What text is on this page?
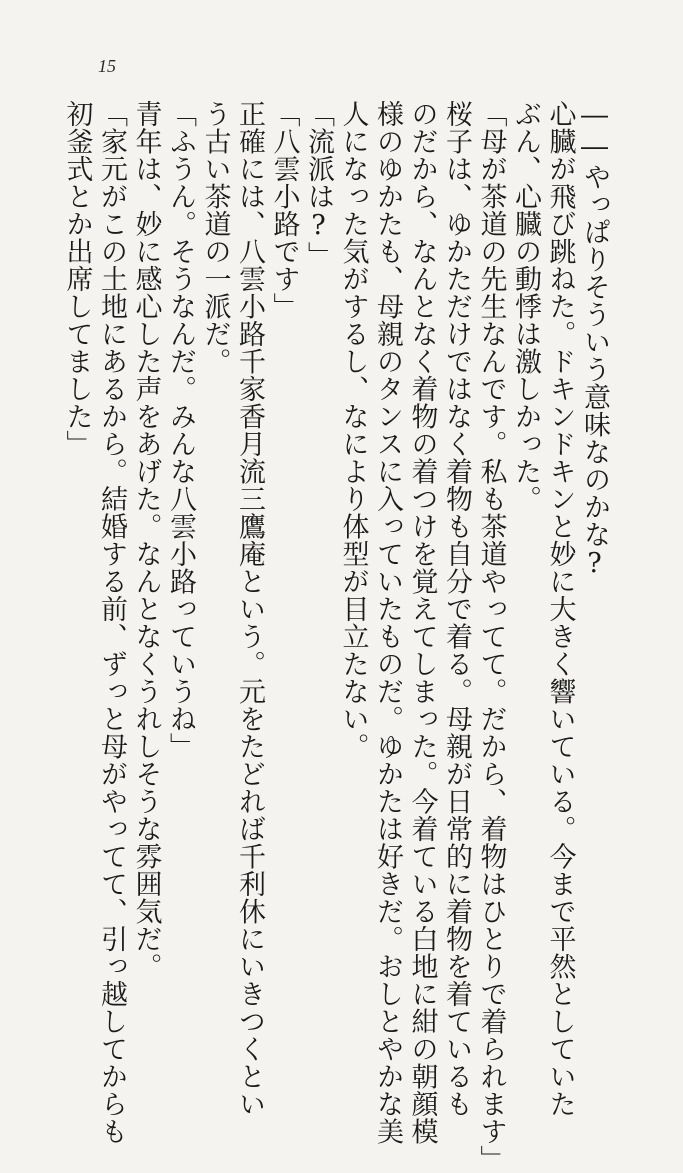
15
――やっぱりそういう意味なのかな?
心臓が飛び跳ねた。ドキンドキンと妙に大きく響いている。今まで平然としていた
ぶん、心臓の動悸は激しかった。
「母が茶道の先生なんです。私も茶道やってて。だから、着物はひとりで着られます」
桜子は、ゆかただけではなく着物も自分で着る。母親が日常的に着物を着ているも
のだから、なんとなく着物の着つけを覚えてしまった。今着ている白地に紺の朝顔模
様のゆかたも、母親のタンスに入っていたものだ。ゆかたは好きだ。おしとやかな美
人になった気がするし、なにより体型が目立たない。
「流派は?」
「八雲小路です」
正確には、八雲小路千家香月流三鷹庵という。元をたどれば千利休にいきつくとい
う古い茶道の一派だ。
「ふうん。そうなんだ。みんな八雲小路っていうね」
青年は、妙に感心した声をあげた。なんとなくうれしそうな雰囲気だ。
「家元がこの土地にあるから。結婚する前、ずっと母がやってて、引っ越してからも
初釜式とか出席してました」
